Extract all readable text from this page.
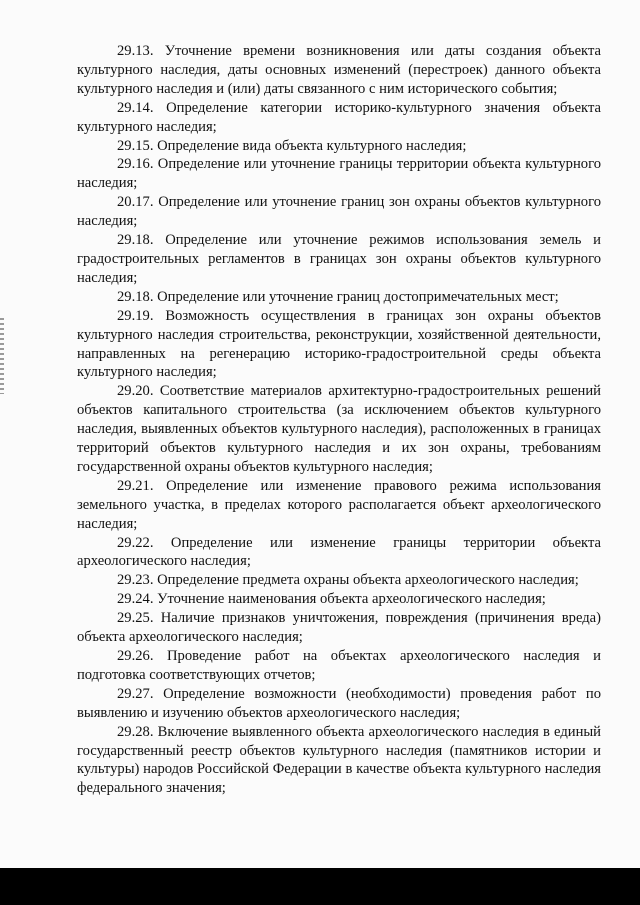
29.13. Уточнение времени возникновения или даты создания объекта культурного наследия, даты основных изменений (перестроек) данного объекта культурного наследия и (или) даты связанного с ним исторического события;

29.14. Определение категории историко-культурного значения объекта культурного наследия;

29.15. Определение вида объекта культурного наследия;

29.16. Определение или уточнение границы территории объекта культурного наследия;

20.17. Определение или уточнение границ зон охраны объектов культурного наследия;

29.18. Определение или уточнение режимов использования земель и градостроительных регламентов в границах зон охраны объектов культурного наследия;

29.18. Определение или уточнение границ достопримечательных мест;

29.19. Возможность осуществления в границах зон охраны объектов культурного наследия строительства, реконструкции, хозяйственной деятельности, направленных на регенерацию историко-градостроительной среды объекта культурного наследия;

29.20. Соответствие материалов архитектурно-градостроительных решений объектов капитального строительства (за исключением объектов культурного наследия, выявленных объектов культурного наследия), расположенных в границах территорий объектов культурного наследия и их зон охраны, требованиям государственной охраны объектов культурного наследия;

29.21. Определение или изменение правового режима использования земельного участка, в пределах которого располагается объект археологического наследия;

29.22. Определение или изменение границы территории объекта археологического наследия;

29.23. Определение предмета охраны объекта археологического наследия;

29.24. Уточнение наименования объекта археологического наследия;

29.25. Наличие признаков уничтожения, повреждения (причинения вреда) объекта археологического наследия;

29.26. Проведение работ на объектах археологического наследия и подготовка соответствующих отчетов;

29.27. Определение возможности (необходимости) проведения работ по выявлению и изучению объектов археологического наследия;

29.28. Включение выявленного объекта археологического наследия в единый государственный реестр объектов культурного наследия (памятников истории и культуры) народов Российской Федерации в качестве объекта культурного наследия федерального значения;
